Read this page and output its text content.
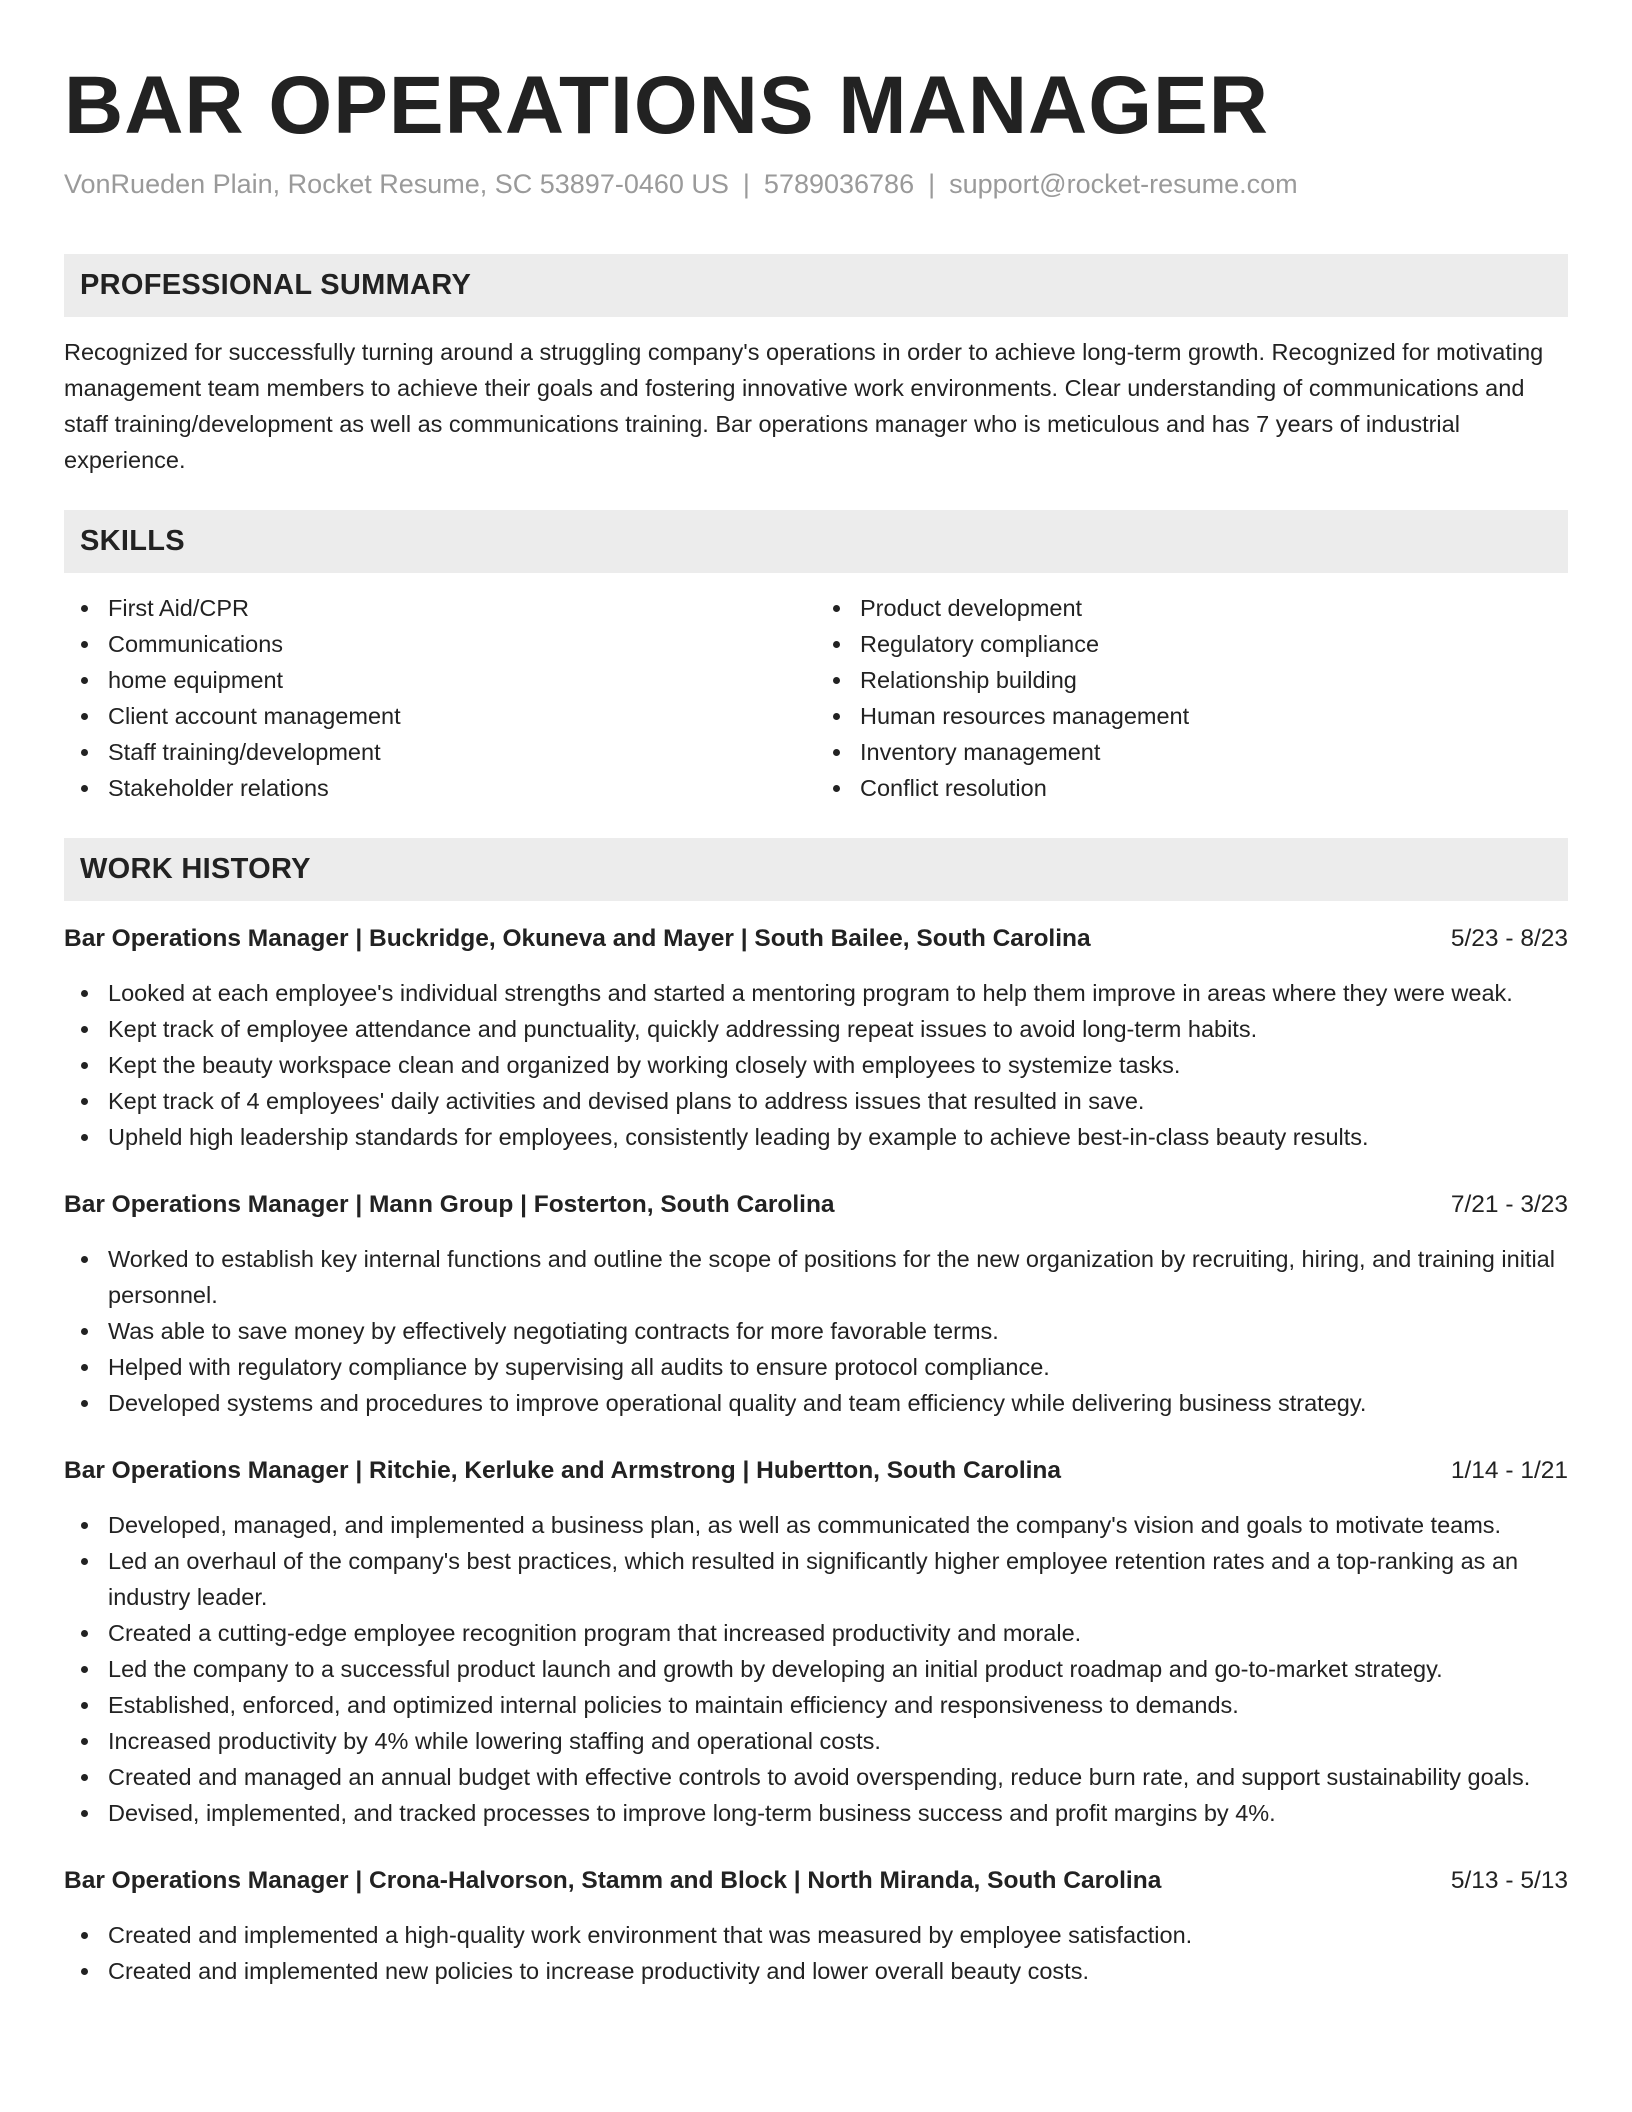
BAR OPERATIONS MANAGER
VonRueden Plain, Rocket Resume, SC 53897-0460 US | 5789036786 | support@rocket-resume.com
PROFESSIONAL SUMMARY
Recognized for successfully turning around a struggling company's operations in order to achieve long-term growth. Recognized for motivating management team members to achieve their goals and fostering innovative work environments. Clear understanding of communications and staff training/development as well as communications training. Bar operations manager who is meticulous and has 7 years of industrial experience.
SKILLS
First Aid/CPR
Communications
home equipment
Client account management
Staff training/development
Stakeholder relations
Product development
Regulatory compliance
Relationship building
Human resources management
Inventory management
Conflict resolution
WORK HISTORY
Bar Operations Manager | Buckridge, Okuneva and Mayer | South Bailee, South Carolina	5/23 - 8/23
Looked at each employee's individual strengths and started a mentoring program to help them improve in areas where they were weak.
Kept track of employee attendance and punctuality, quickly addressing repeat issues to avoid long-term habits.
Kept the beauty workspace clean and organized by working closely with employees to systemize tasks.
Kept track of 4 employees' daily activities and devised plans to address issues that resulted in save.
Upheld high leadership standards for employees, consistently leading by example to achieve best-in-class beauty results.
Bar Operations Manager | Mann Group | Fosterton, South Carolina	7/21 - 3/23
Worked to establish key internal functions and outline the scope of positions for the new organization by recruiting, hiring, and training initial personnel.
Was able to save money by effectively negotiating contracts for more favorable terms.
Helped with regulatory compliance by supervising all audits to ensure protocol compliance.
Developed systems and procedures to improve operational quality and team efficiency while delivering business strategy.
Bar Operations Manager | Ritchie, Kerluke and Armstrong | Hubertton, South Carolina	1/14 - 1/21
Developed, managed, and implemented a business plan, as well as communicated the company's vision and goals to motivate teams.
Led an overhaul of the company's best practices, which resulted in significantly higher employee retention rates and a top-ranking as an industry leader.
Created a cutting-edge employee recognition program that increased productivity and morale.
Led the company to a successful product launch and growth by developing an initial product roadmap and go-to-market strategy.
Established, enforced, and optimized internal policies to maintain efficiency and responsiveness to demands.
Increased productivity by 4% while lowering staffing and operational costs.
Created and managed an annual budget with effective controls to avoid overspending, reduce burn rate, and support sustainability goals.
Devised, implemented, and tracked processes to improve long-term business success and profit margins by 4%.
Bar Operations Manager | Crona-Halvorson, Stamm and Block | North Miranda, South Carolina	5/13 - 5/13
Created and implemented a high-quality work environment that was measured by employee satisfaction.
Created and implemented new policies to increase productivity and lower overall beauty costs.
